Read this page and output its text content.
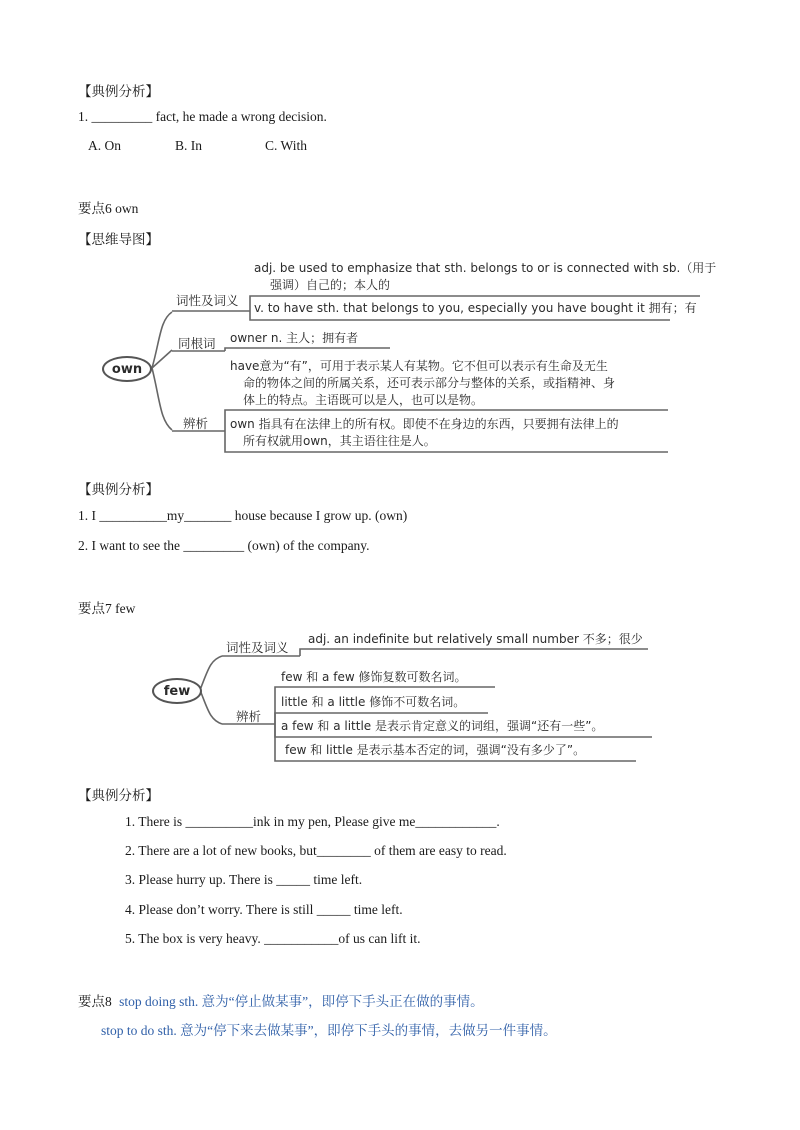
【典例分析】
1. _________ fact, he made a wrong decision.
A. On	B. In	C. With
要点6 own
【思维导图】
own
词性及词义
同根词
辨析
adj. be used to emphasize that sth. belongs to or is connected with sb.（用于
强调）自己的；本人的
v. to have sth. that belongs to you, especially you have bought it 拥有；有
owner n. 主人；拥有者
have意为“有”，可用于表示某人有某物。它不但可以表示有生命及无生
命的物体之间的所属关系，还可表示部分与整体的关系，或指精神、身
体上的特点。主语既可以是人，也可以是物。
own 指具有在法律上的所有权。即使不在身边的东西，只要拥有法律上的
所有权就用own，其主语往往是人。
【典例分析】
1. I __________my_______ house because I grow up. (own)
2. I want to see the _________ (own) of the company.
要点7 few
few
词性及词义
辨析
adj. an indefinite but relatively small number 不多；很少
few 和 a few 修饰复数可数名词。
little 和 a little 修饰不可数名词。
a few 和 a little 是表示肯定意义的词组，强调“还有一些”。
few 和 little 是表示基本否定的词，强调“没有多少了”。
【典例分析】
1. There is __________ink in my pen, Please give me____________.
2. There are a lot of new books, but________ of them are easy to read.
3. Please hurry up. There is _____ time left.
4. Please don’t worry. There is still _____ time left.
5. The box is very heavy. ___________of us can lift it.
要点8 stop doing sth. 意为“停止做某事”，即停下手头正在做的事情。
stop to do sth. 意为“停下来去做某事”，即停下手头的事情，去做另一件事情。
